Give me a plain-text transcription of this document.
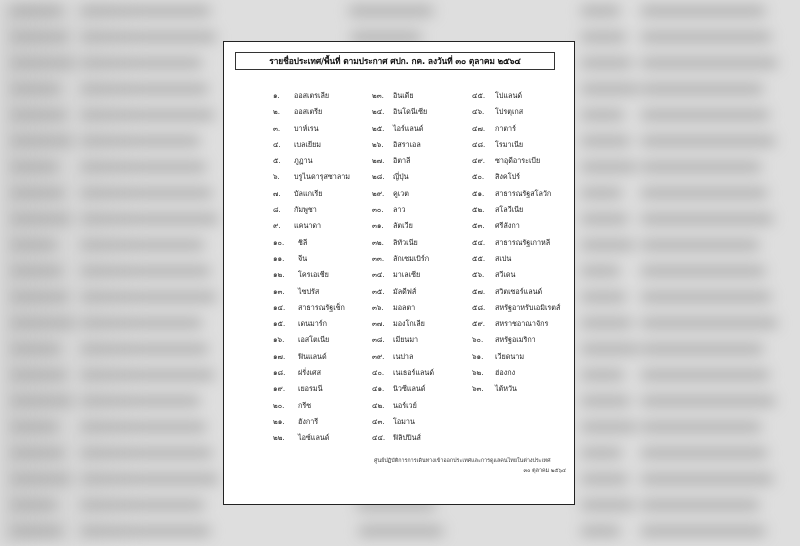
รายชื่อประเทศ/พื้นที่ ตามประกาศ ศปก. กค. ลงวันที่ ๓๐ ตุลาคม ๒๕๖๔
๑. ออสเตรเลีย
๒. ออสเตรีย
๓. บาห์เรน
๔. เบลเยียม
๕. ภูฏาน
๖. บรูไนดารุสซาลาม
๗. บัลแกเรีย
๘. กัมพูชา
๙. แคนาดา
๑๐. ชิลี
๑๑. จีน
๑๒. โครเอเชีย
๑๓. ไซปรัส
๑๔. สาธารณรัฐเช็ก
๑๕. เดนมาร์ก
๑๖. เอสโตเนีย
๑๗. ฟินแลนด์
๑๘. ฝรั่งเศส
๑๙. เยอรมนี
๒๐. กรีซ
๒๑. ฮังการี
๒๒. ไอซ์แลนด์
๒๓. อินเดีย
๒๔. อินโดนีเซีย
๒๕. ไอร์แลนด์
๒๖. อิสราเอล
๒๗. อิตาลี
๒๘. ญี่ปุ่น
๒๙. คูเวต
๓๐. ลาว
๓๑. ลัตเวีย
๓๒. ลิทัวเนีย
๓๓. ลักเซมเบิร์ก
๓๔. มาเลเซีย
๓๕. มัลดีฟส์
๓๖. มอลตา
๓๗. มองโกเลีย
๓๘. เมียนมา
๓๙. เนปาล
๔๐. เนเธอร์แลนด์
๔๑. นิวซีแลนด์
๔๒. นอร์เวย์
๔๓. โอมาน
๔๔. ฟิลิปปินส์
๔๕. โปแลนด์
๔๖. โปรตุเกส
๔๗. กาตาร์
๔๘. โรมาเนีย
๔๙. ซาอุดีอาระเบีย
๕๐. สิงคโปร์
๕๑. สาธารณรัฐสโลวัก
๕๒. สโลวีเนีย
๕๓. ศรีลังกา
๕๔. สาธารณรัฐเกาหลี
๕๕. สเปน
๕๖. สวีเดน
๕๗. สวิตเซอร์แลนด์
๕๘. สหรัฐอาหรับเอมิเรตส์
๕๙. สหราชอาณาจักร
๖๐. สหรัฐอเมริกา
๖๑. เวียดนาม
๖๒. ฮ่องกง
๖๓. ไต้หวัน
ศูนย์ปฏิบัติการการเดินทางเข้าออกประเทศและการดูแลคนไทยในต่างประเทศ
๓๐ ตุลาคม ๒๕๖๔
